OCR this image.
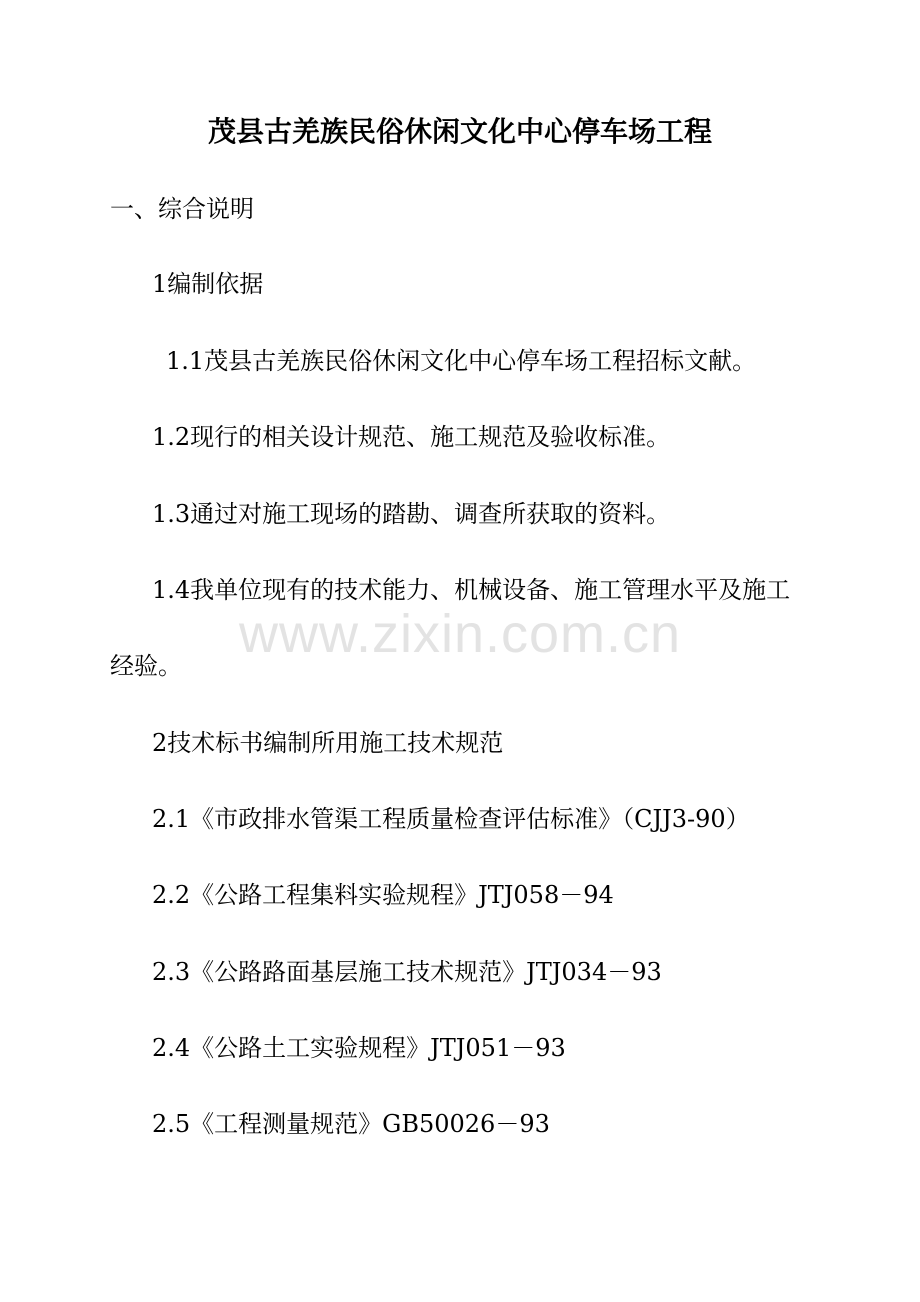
茂县古羌族民俗休闲文化中心停车场工程
一、综合说明
1编制依据
1.1茂县古羌族民俗休闲文化中心停车场工程招标文献。
1.2现行的相关设计规范、施工规范及验收标准。
1.3通过对施工现场的踏勘、调查所获取的资料。
1.4我单位现有的技术能力、机械设备、施工管理水平及施工
经验。
2技术标书编制所用施工技术规范
2.1《市政排水管渠工程质量检查评估标准》（CJJ3-90）
2.2《公路工程集料实验规程》JTJ058－94
2.3《公路路面基层施工技术规范》JTJ034－93
2.4《公路土工实验规程》JTJ051－93
2.5《工程测量规范》GB50026－93
www.zixin.com.cn
